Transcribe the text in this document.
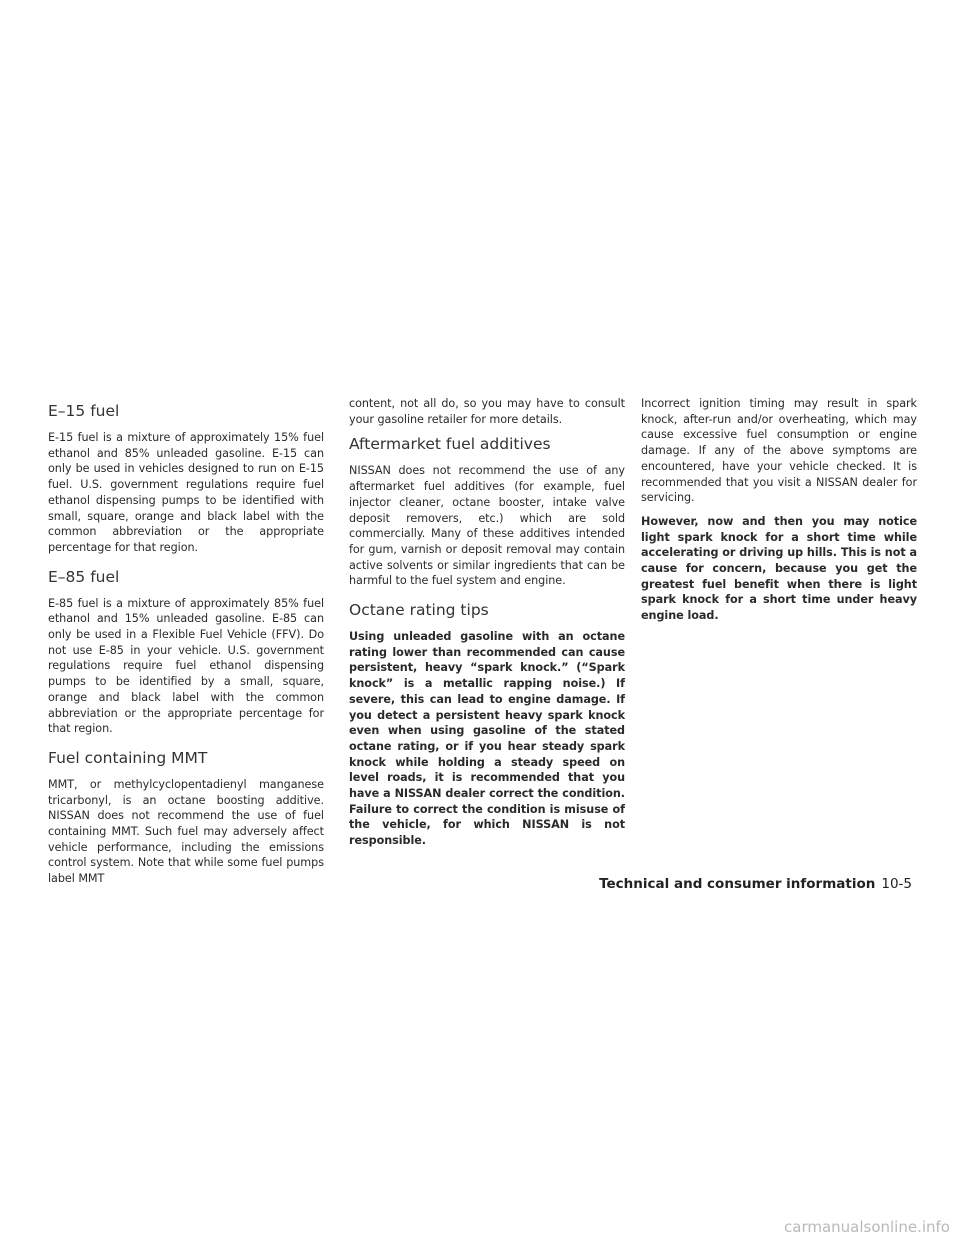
E–15 fuel

E-15 fuel is a mixture of approximately 15% fuel ethanol and 85% unleaded gasoline. E-15 can only be used in vehicles designed to run on E-15 fuel. U.S. government regulations require fuel ethanol dispensing pumps to be identified with small, square, orange and black label with the common abbreviation or the appropriate percentage for that region.

E–85 fuel

E-85 fuel is a mixture of approximately 85% fuel ethanol and 15% unleaded gasoline. E-85 can only be used in a Flexible Fuel Vehicle (FFV). Do not use E-85 in your vehicle. U.S. government regulations require fuel ethanol dispensing pumps to be identified by a small, square, orange and black label with the common abbreviation or the appropriate percentage for that region.

Fuel containing MMT

MMT, or methylcyclopentadienyl manganese tricarbonyl, is an octane boosting additive. NISSAN does not recommend the use of fuel containing MMT. Such fuel may adversely affect vehicle performance, including the emissions control system. Note that while some fuel pumps label MMT

content, not all do, so you may have to consult your gasoline retailer for more details.

Aftermarket fuel additives

NISSAN does not recommend the use of any aftermarket fuel additives (for example, fuel injector cleaner, octane booster, intake valve deposit removers, etc.) which are sold commercially. Many of these additives intended for gum, varnish or deposit removal may contain active solvents or similar ingredients that can be harmful to the fuel system and engine.

Octane rating tips

Using unleaded gasoline with an octane rating lower than recommended can cause persistent, heavy “spark knock.” (“Spark knock” is a metallic rapping noise.) If severe, this can lead to engine damage. If you detect a persistent heavy spark knock even when using gasoline of the stated octane rating, or if you hear steady spark knock while holding a steady speed on level roads, it is recommended that you have a NISSAN dealer correct the condition. Failure to correct the condition is misuse of the vehicle, for which NISSAN is not responsible.

Incorrect ignition timing may result in spark knock, after-run and/or overheating, which may cause excessive fuel consumption or engine damage. If any of the above symptoms are encountered, have your vehicle checked. It is recommended that you visit a NISSAN dealer for servicing.

However, now and then you may notice light spark knock for a short time while accelerating or driving up hills. This is not a cause for concern, because you get the greatest fuel benefit when there is light spark knock for a short time under heavy engine load.

Technical and consumer information 10-5
carmanualsonline.info
